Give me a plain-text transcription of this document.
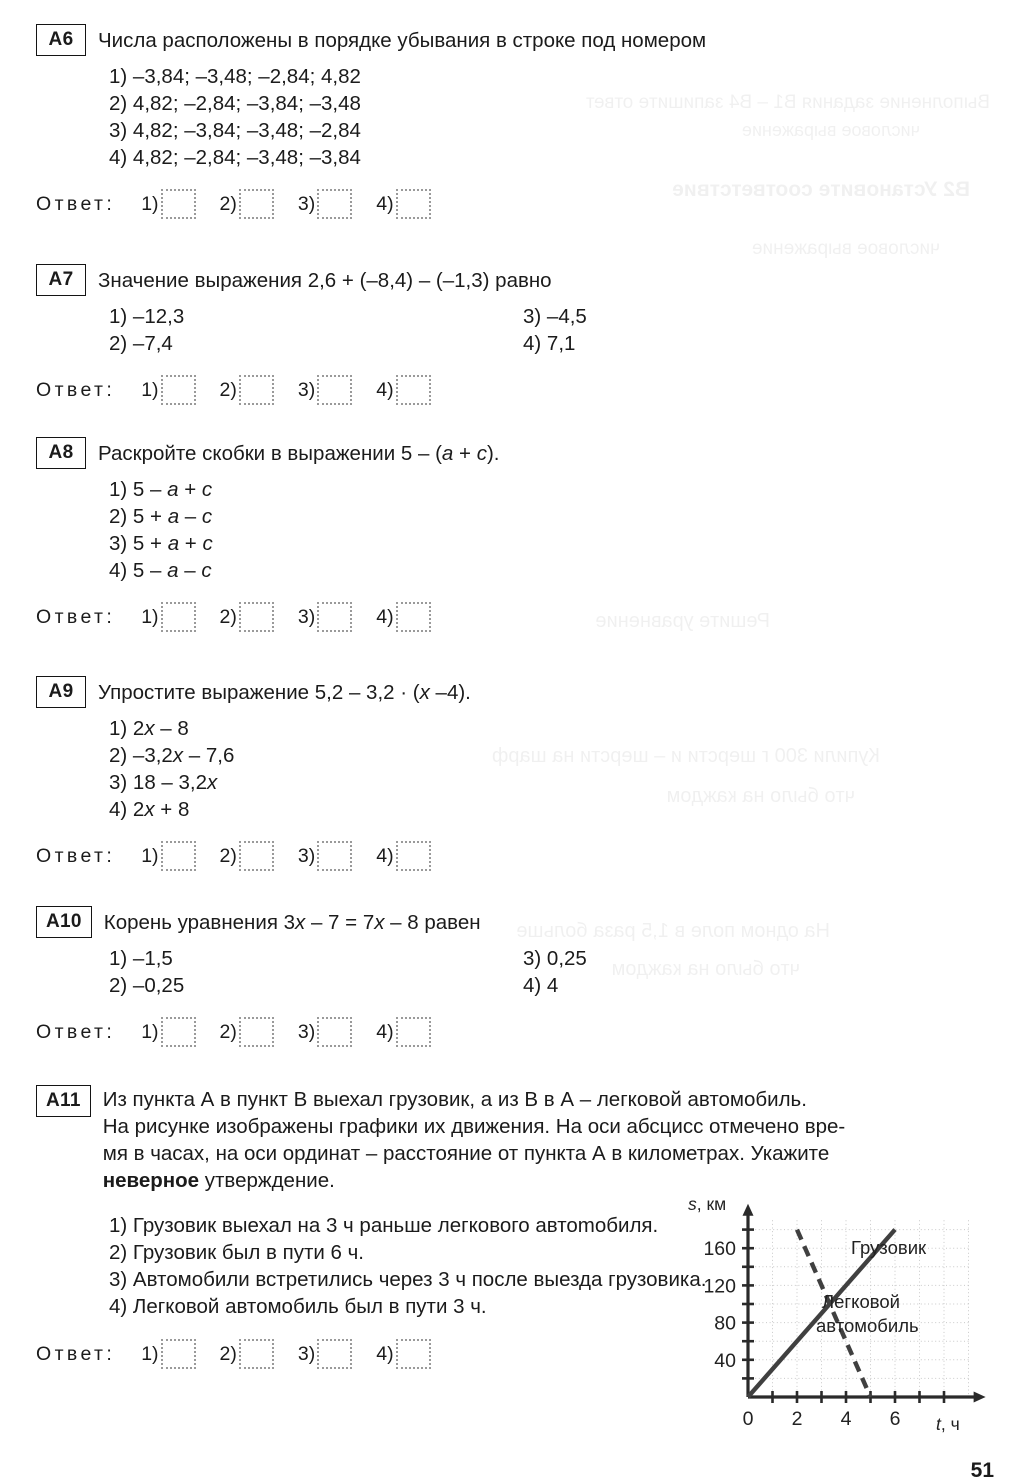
Выполнение задания В1 – В4 запишите ответ
числовое выражение
В2 Установите соответствие
числовое выражение
Решите уравнение
Купили 300 г шерсти и – шерсти на шарф
что было на каждом
На одном поле в 1,5 раза больше
что было на каждом
A6	Числа расположены в порядке убывания в строке под номером
1) –3,84; –3,48; –2,84; 4,82
2) 4,82; –2,84; –3,84; –3,48
3) 4,82; –3,84; –3,48; –2,84
4) 4,82; –2,84; –3,48; –3,84
Ответ:	1)	2)	3)	4)
A7	Значение выражения 2,6 + (–8,4) – (–1,3) равно
1) –12,3
2) –7,4
3) –4,5
4) 7,1
Ответ:	1)	2)	3)	4)
A8	Раскройте скобки в выражении 5 – (a + c).
1) 5 – a + c
2) 5 + a – c
3) 5 + a + c
4) 5 – a – c
Ответ:	1)	2)	3)	4)
A9	Упростите выражение 5,2 – 3,2 · (x –4).
1) 2x – 8
2) –3,2x – 7,6
3) 18 – 3,2x
4) 2x + 8
Ответ:	1)	2)	3)	4)
A10	Корень уравнения 3x – 7 = 7x – 8 равен
1) –1,5
2) –0,25
3) 0,25
4) 4
Ответ:	1)	2)	3)	4)
A11	Из пункта А в пункт В выехал грузовик, а из В в А – легковой автомобиль.
На рисунке изображены графики их движения. На оси абсцисс отмечено вре-
мя в часах, на оси ординат – расстояние от пункта А в километрах. Укажите
неверное утверждение.
1) Грузовик выехал на 3 ч раньше легкового автоmобиля.
2) Грузовик был в пути 6 ч.
3) Автомобили встретились через 3 ч после выезда грузовика.
4) Легковой автомобиль был в пути 3 ч.
Ответ:	1)	2)	3)	4)
0 2 4 6
40
80
120
160
s, км
t, ч
Грузовик
Легковой
автомобиль
51
